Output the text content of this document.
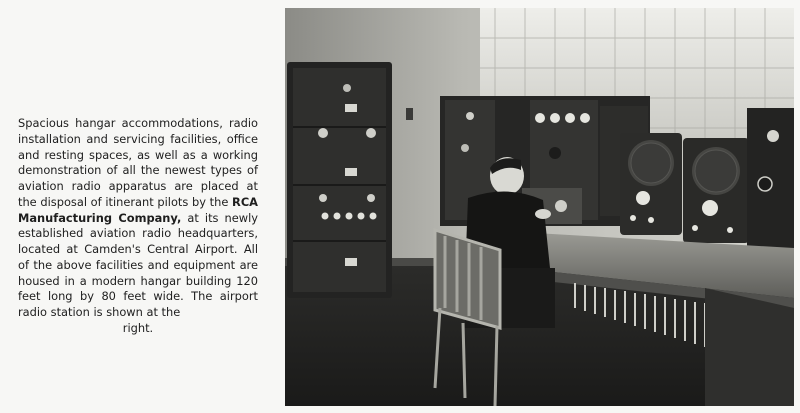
Spacious hangar accommodations, radio installation and servicing facilities, office and resting spaces, as well as a working demonstration of all the newest types of aviation radio apparatus are placed at the disposal of itinerant pilots by the RCA Manufacturing Company, at its newly established aviation radio headquarters, located at Camden's Central Airport. All of the above facilities and equipment are housed in a modern hangar building 120 feet long by 80 feet wide. The airport radio station is shown at the
right.
